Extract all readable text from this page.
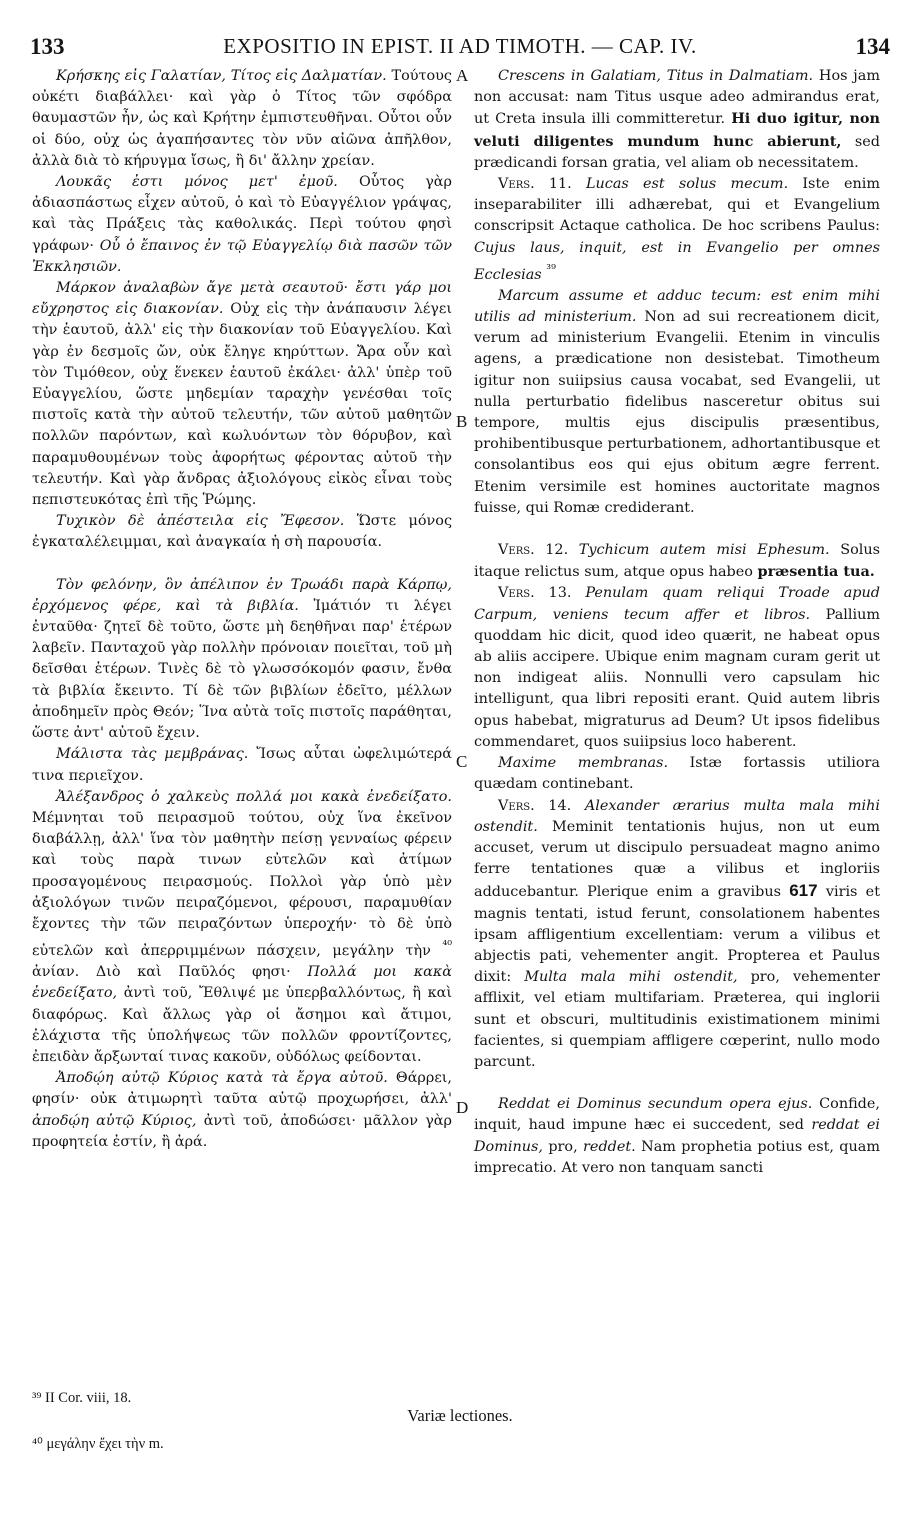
133	EXPOSITIO IN EPIST. II AD TIMOTH. — CAP. IV.	134

Κρήσκης εἰς Γαλατίαν, Τίτος εἰς Δαλματίαν. Τούτους οὐκέτι διαβάλλει· καὶ γὰρ ὁ Τίτος τῶν σφόδρα θαυμαστῶν ἦν, ὡς καὶ Κρήτην ἐμπιστευθῆναι. Οὗτοι οὖν οἱ δύο, οὐχ ὡς ἀγαπήσαντες τὸν νῦν αἰῶνα ἀπῆλθον, ἀλλὰ διὰ τὸ κήρυγμα ἴσως, ἢ δι' ἄλλην χρείαν.

Λουκᾶς ἐστι μόνος μετ' ἐμοῦ. Οὗτος γὰρ ἀδιασπάστως εἶχεν αὐτοῦ, ὁ καὶ τὸ Εὐαγγέλιον γράψας, καὶ τὰς Πράξεις τὰς καθολικάς. Περὶ τούτου φησὶ γράφων· Οὗ ὁ ἔπαινος ἐν τῷ Εὐαγγελίῳ διὰ πασῶν τῶν Ἐκκλησιῶν.

Μάρκον ἀναλαβὼν ἄγε μετὰ σεαυτοῦ· ἔστι γάρ μοι εὔχρηστος εἰς διακονίαν. Οὐχ εἰς τὴν ἀνάπαυσιν λέγει τὴν ἑαυτοῦ, ἀλλ' εἰς τὴν διακονίαν τοῦ Εὐαγγελίου. Καὶ γὰρ ἐν δεσμοῖς ὤν, οὐκ ἔληγε κηρύττων. Ἄρα οὖν καὶ τὸν Τιμόθεον, οὐχ ἕνεκεν ἑαυτοῦ ἐκάλει· ἀλλ' ὑπὲρ τοῦ Εὐαγγελίου, ὥστε μηδεμίαν ταραχὴν γενέσθαι τοῖς πιστοῖς κατὰ τὴν αὐτοῦ τελευτήν, τῶν αὐτοῦ μαθητῶν πολλῶν παρόντων, καὶ κωλυόντων τὸν θόρυβον, καὶ παραμυθουμένων τοὺς ἀφορήτως φέροντας αὐτοῦ τὴν τελευτήν. Καὶ γὰρ ἄνδρας ἀξιολόγους εἰκὸς εἶναι τοὺς πεπιστευκότας ἐπὶ τῆς Ῥώμης.

Τυχικὸν δὲ ἀπέστειλα εἰς Ἔφεσον. Ὥστε μόνος ἐγκαταλέλειμμαι, καὶ ἀναγκαία ἡ σὴ παρουσία.

Τὸν φελόνην, ὃν ἀπέλιπον ἐν Τρωάδι παρὰ Κάρπῳ, ἐρχόμενος φέρε, καὶ τὰ βιβλία. Ἱμάτιόν τι λέγει ἐνταῦθα· ζητεῖ δὲ τοῦτο, ὥστε μὴ δεηθῆναι παρ' ἑτέρων λαβεῖν. Πανταχοῦ γὰρ πολλὴν πρόνοιαν ποιεῖται, τοῦ μὴ δεῖσθαι ἑτέρων. Τινὲς δὲ τὸ γλωσσόκομόν φασιν, ἔνθα τὰ βιβλία ἔκειντο. Τί δὲ τῶν βιβλίων ἐδεῖτο, μέλλων ἀποδημεῖν πρὸς Θεόν; Ἵνα αὐτὰ τοῖς πιστοῖς παράθηται, ὥστε ἀντ' αὐτοῦ ἔχειν.

Μάλιστα τὰς μεμβράνας. Ἴσως αὗται ὠφελιμώτερά τινα περιεῖχον.

Ἀλέξανδρος ὁ χαλκεὺς πολλά μοι κακὰ ἐνεδείξατο. Μέμνηται τοῦ πειρασμοῦ τούτου, οὐχ ἵνα ἐκεῖνον διαβάλλῃ, ἀλλ' ἵνα τὸν μαθητὴν πείσῃ γενναίως φέρειν καὶ τοὺς παρὰ τινων εὐτελῶν καὶ ἀτίμων προσαγομένους πειρασμούς. Πολλοὶ γὰρ ὑπὸ μὲν ἀξιολόγων τινῶν πειραζόμενοι, φέρουσι, παραμυθίαν ἔχοντες τὴν τῶν πειραζόντων ὑπεροχήν· τὸ δὲ ὑπὸ εὐτελῶν καὶ ἀπερριμμένων πάσχειν, μεγάλην τὴν $^{^{40}}$ ἀνίαν. Διὸ καὶ Παῦλός φησι· Πολλά μοι κακὰ ἐνεδείξατο, ἀντὶ τοῦ, Ἔθλιψέ με ὑπερβαλλόντως, ἢ καὶ διαφόρως. Καὶ ἄλλως γὰρ οἱ ἄσημοι καὶ ἄτιμοι, ἐλάχιστα τῆς ὑπολήψεως τῶν πολλῶν φροντίζοντες, ἐπειδὰν ἄρξωνταί τινας κακοῦν, οὐδόλως φείδονται.

Ἀποδῴη αὐτῷ Κύριος κατὰ τὰ ἔργα αὐτοῦ. Θάρρει, φησίν· οὐκ ἀτιμωρητὶ ταῦτα αὐτῷ προχωρήσει, ἀλλ' ἀποδῴη αὐτῷ Κύριος, ἀντὶ τοῦ, ἀποδώσει· μᾶλλον γὰρ προφητεία ἐστίν, ἢ ἀρά.

A
B
C
D

Crescens in Galatiam, Titus in Dalmatiam. Hos jam non accusat: nam Titus usque adeo admirandus erat, ut Creta insula illi committeretur. Hi duo igitur, non veluti diligentes mundum hunc abierunt, sed prædicandi forsan gratia, vel aliam ob necessitatem.

Vers. 11. Lucas est solus mecum. Iste enim inseparabiliter illi adhærebat, qui et Evangelium conscripsit Actaque catholica. De hoc scribens Paulus: Cujus laus, inquit, est in Evangelio per omnes Ecclesias $^{^{39}}$

Marcum assume et adduc tecum: est enim mihi utilis ad ministerium. Non ad sui recreationem dicit, verum ad ministerium Evangelii. Etenim in vinculis agens, a prædicatione non desistebat. Timotheum igitur non suiipsius causa vocabat, sed Evangelii, ut nulla perturbatio fidelibus nasceretur obitus sui tempore, multis ejus discipulis præsentibus, prohibentibusque perturbationem, adhortantibusque et consolantibus eos qui ejus obitum ægre ferrent. Etenim versimile est homines auctoritate magnos fuisse, qui Romæ crediderant.

Vers. 12. Tychicum autem misi Ephesum. Solus itaque relictus sum, atque opus habeo præsentia tua.

Vers. 13. Penulam quam reliqui Troade apud Carpum, veniens tecum affer et libros. Pallium quoddam hic dicit, quod ideo quærit, ne habeat opus ab aliis accipere. Ubique enim magnam curam gerit ut non indigeat aliis. Nonnulli vero capsulam hic intelligunt, qua libri repositi erant. Quid autem libris opus habebat, migraturus ad Deum? Ut ipsos fidelibus commendaret, quos suiipsius loco haberent.

Maxime membranas. Istæ fortassis utiliora quædam continebant.

Vers. 14. Alexander ærarius multa mala mihi ostendit. Meminit tentationis hujus, non ut eum accuset, verum ut discipulo persuadeat magno animo ferre tentationes quæ a vilibus et ingloriis adducebantur. Plerique enim a gravibus 617 viris et magnis tentati, istud ferunt, consolationem habentes ipsam affligentium excellentiam: verum a vilibus et abjectis pati, vehementer angit. Propterea et Paulus dixit: Multa mala mihi ostendit, pro, vehementer afflixit, vel etiam multifariam. Præterea, qui inglorii sunt et obscuri, multitudinis existimationem minimi facientes, si quempiam affligere cœperint, nullo modo parcunt.

Reddat ei Dominus secundum opera ejus. Confide, inquit, haud impune hæc ei succedent, sed reddat ei Dominus, pro, reddet. Nam prophetia potius est, quam imprecatio. At vero non tanquam sancti

³⁹ II Cor. viii, 18.
Variæ lectiones.
⁴⁰ μεγάλην ἔχει τὴν m.
